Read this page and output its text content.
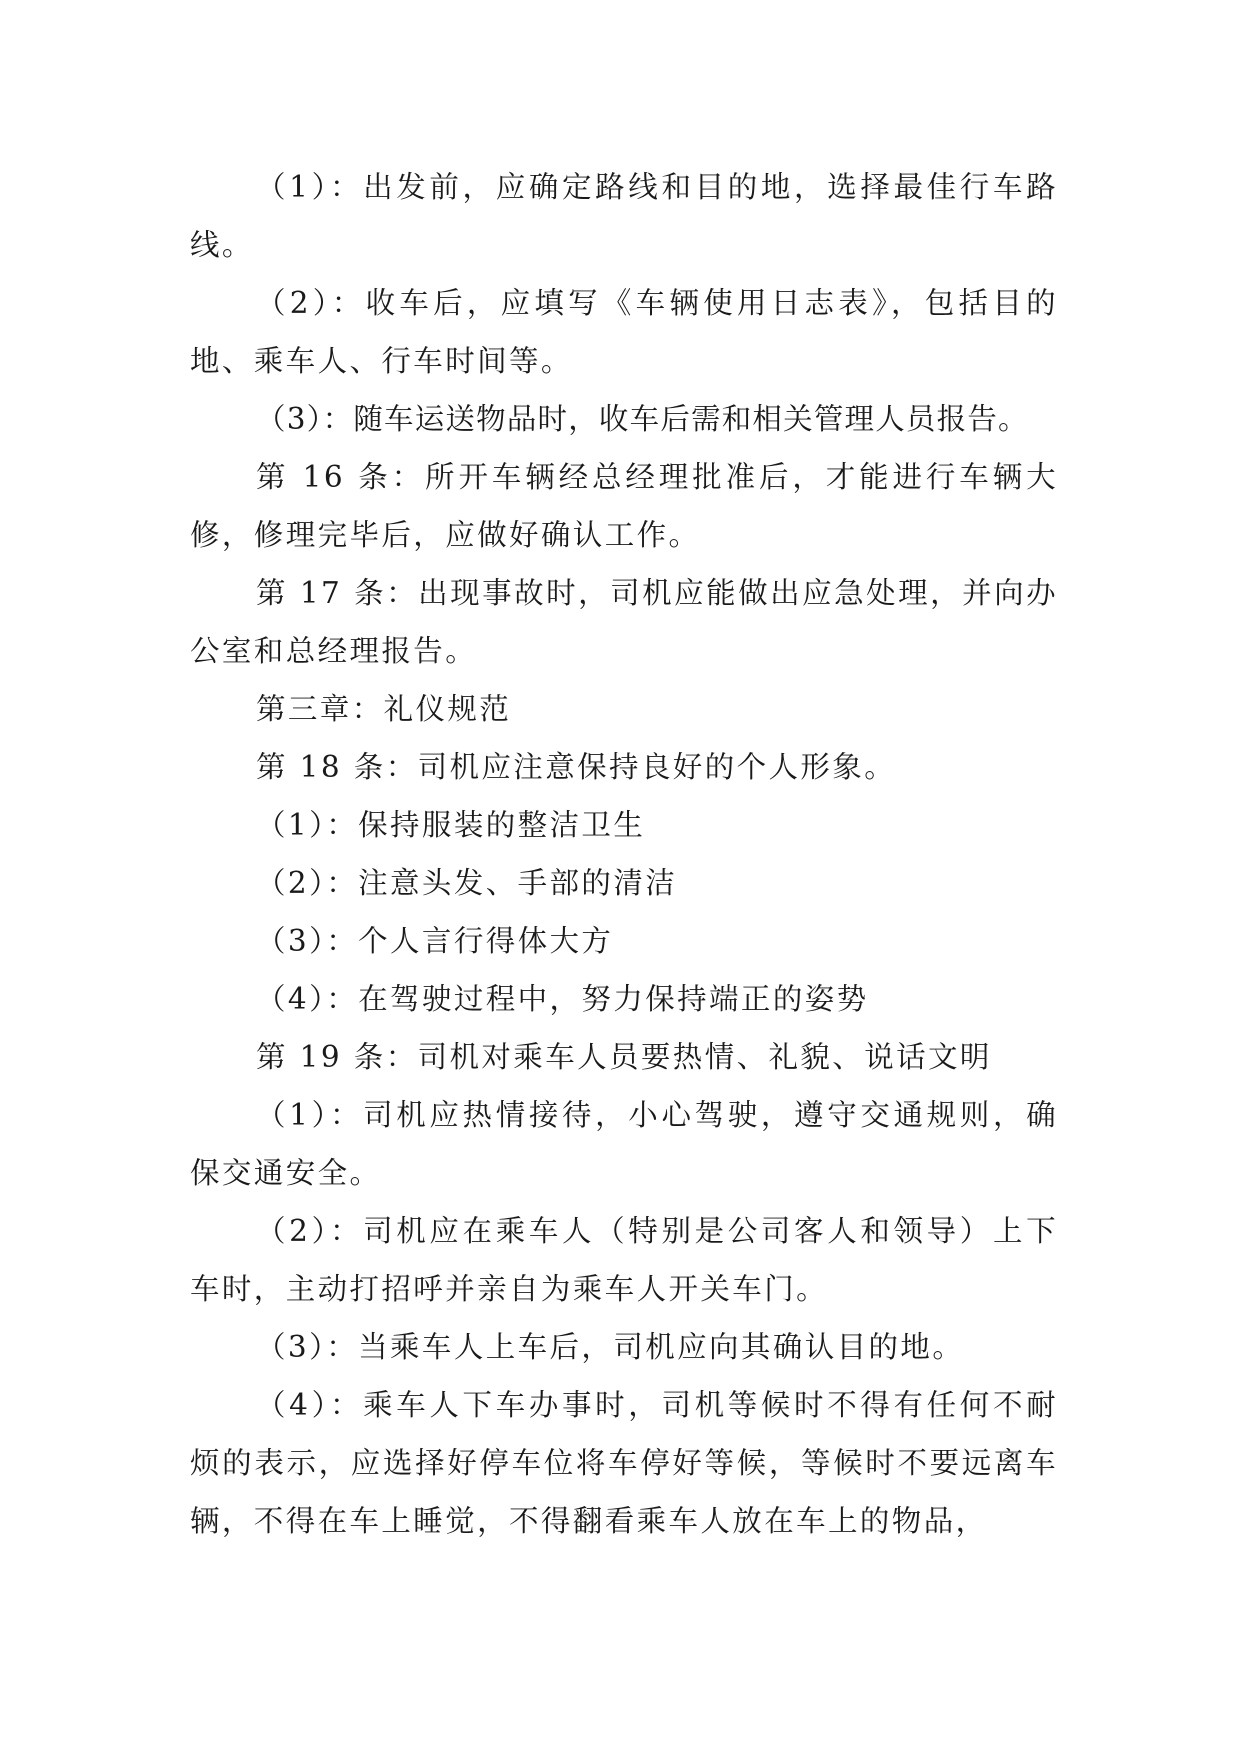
（1）：出发前，应确定路线和目的地，选择最佳行车路线。

（2）：收车后，应填写《车辆使用日志表》，包括目的地、乘车人、行车时间等。

（3）：随车运送物品时，收车后需和相关管理人员报告。

第 16 条：所开车辆经总经理批准后，才能进行车辆大修，修理完毕后，应做好确认工作。

第 17 条：出现事故时，司机应能做出应急处理，并向办公室和总经理报告。

第三章：礼仪规范

第 18 条：司机应注意保持良好的个人形象。

（1）：保持服装的整洁卫生

（2）：注意头发、手部的清洁

（3）：个人言行得体大方

（4）：在驾驶过程中，努力保持端正的姿势

第 19 条：司机对乘车人员要热情、礼貌、说话文明

（1）：司机应热情接待，小心驾驶，遵守交通规则，确保交通安全。

（2）：司机应在乘车人（特别是公司客人和领导）上下车时，主动打招呼并亲自为乘车人开关车门。

（3）：当乘车人上车后，司机应向其确认目的地。

（4）：乘车人下车办事时，司机等候时不得有任何不耐烦的表示，应选择好停车位将车停好等候，等候时不要远离车辆，不得在车上睡觉，不得翻看乘车人放在车上的物品，
